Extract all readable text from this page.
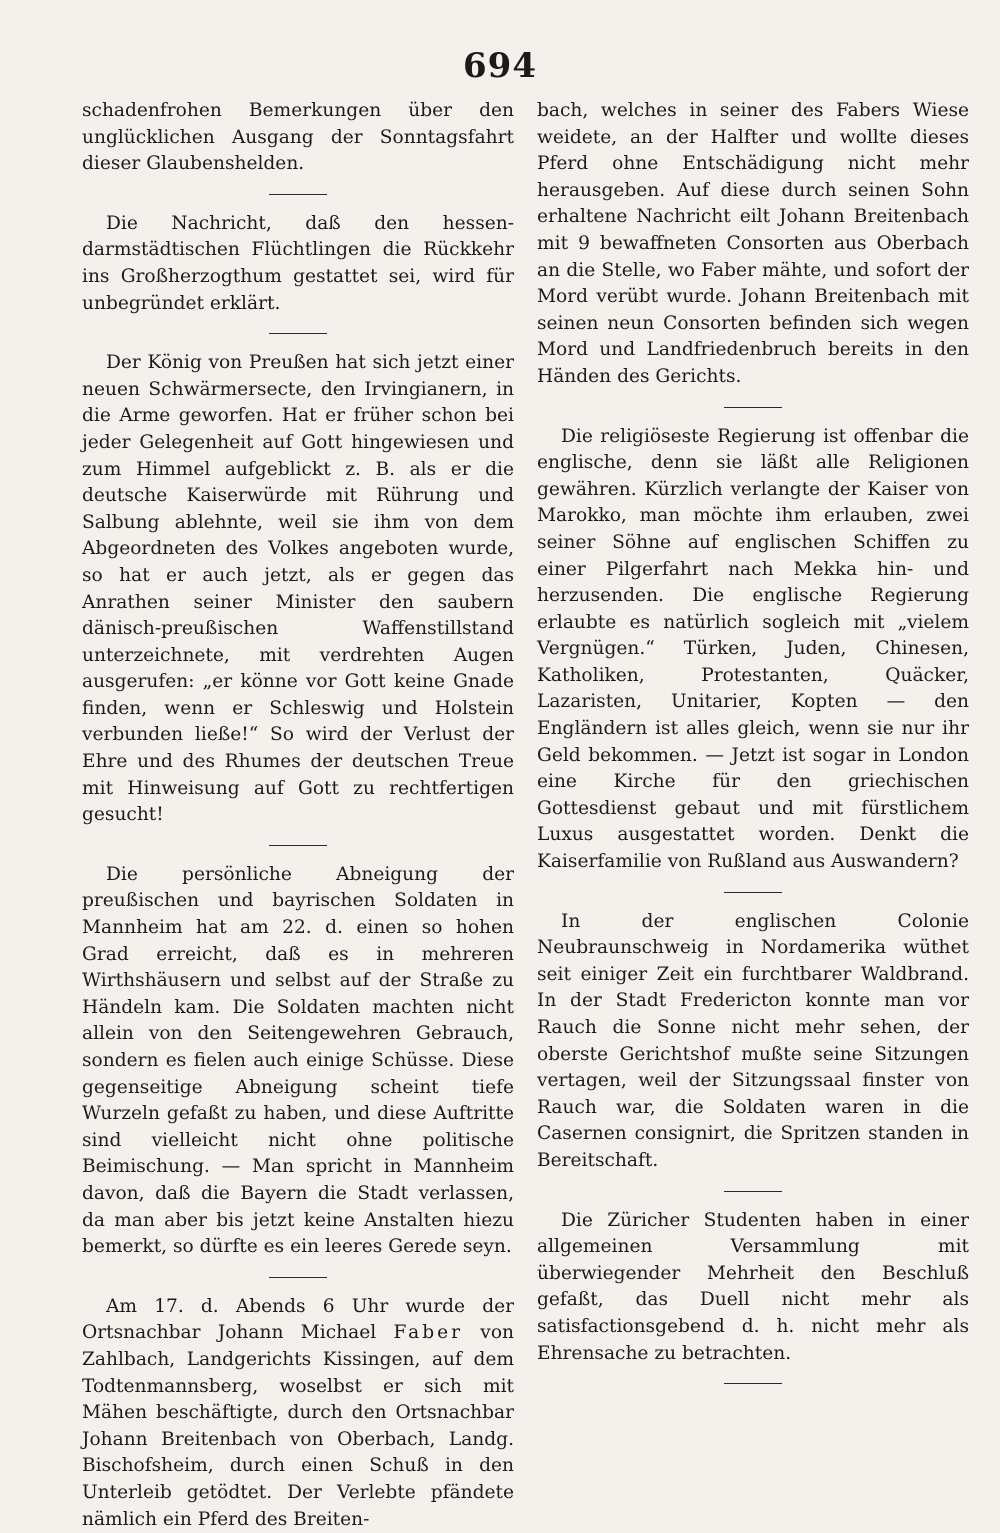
694

schadenfrohen Bemerkungen über den unglücklichen Ausgang der Sonntagsfahrt dieser Glaubenshelden.

Die Nachricht, daß den hessen-darmstädtischen Flüchtlingen die Rückkehr ins Großherzogthum gestattet sei, wird für unbegründet erklärt.

Der König von Preußen hat sich jetzt einer neuen Schwärmersecte, den Irvingianern, in die Arme geworfen. Hat er früher schon bei jeder Gelegenheit auf Gott hingewiesen und zum Himmel aufgeblickt z. B. als er die deutsche Kaiserwürde mit Rührung und Salbung ablehnte, weil sie ihm von dem Abgeordneten des Volkes angeboten wurde, so hat er auch jetzt, als er gegen das Anrathen seiner Minister den saubern dänisch-preußischen Waffenstillstand unterzeichnete, mit verdrehten Augen ausgerufen: „er könne vor Gott keine Gnade finden, wenn er Schleswig und Holstein verbunden ließe!“ So wird der Verlust der Ehre und des Rhumes der deutschen Treue mit Hinweisung auf Gott zu rechtfertigen gesucht!

Die persönliche Abneigung der preußischen und bayrischen Soldaten in Mannheim hat am 22. d. einen so hohen Grad erreicht, daß es in mehreren Wirthshäusern und selbst auf der Straße zu Händeln kam. Die Soldaten machten nicht allein von den Seitengewehren Gebrauch, sondern es fielen auch einige Schüsse. Diese gegenseitige Abneigung scheint tiefe Wurzeln gefaßt zu haben, und diese Auftritte sind vielleicht nicht ohne politische Beimischung. — Man spricht in Mannheim davon, daß die Bayern die Stadt verlassen, da man aber bis jetzt keine Anstalten hiezu bemerkt, so dürfte es ein leeres Gerede seyn.

Am 17. d. Abends 6 Uhr wurde der Ortsnachbar Johann Michael Faber von Zahlbach, Landgerichts Kissingen, auf dem Todtenmannsberg, woselbst er sich mit Mähen beschäftigte, durch den Ortsnachbar Johann Breitenbach von Oberbach, Landg. Bischofsheim, durch einen Schuß in den Unterleib getödtet. Der Verlebte pfändete nämlich ein Pferd des Breiten-

bach, welches in seiner des Fabers Wiese weidete, an der Halfter und wollte dieses Pferd ohne Entschädigung nicht mehr herausgeben. Auf diese durch seinen Sohn erhaltene Nachricht eilt Johann Breitenbach mit 9 bewaffneten Consorten aus Oberbach an die Stelle, wo Faber mähte, und sofort der Mord verübt wurde. Johann Breitenbach mit seinen neun Consorten befinden sich wegen Mord und Landfriedenbruch bereits in den Händen des Gerichts.

Die religiöseste Regierung ist offenbar die englische, denn sie läßt alle Religionen gewähren. Kürzlich verlangte der Kaiser von Marokko, man möchte ihm erlauben, zwei seiner Söhne auf englischen Schiffen zu einer Pilgerfahrt nach Mekka hin- und herzusenden. Die englische Regierung erlaubte es natürlich sogleich mit „vielem Vergnügen.“ Türken, Juden, Chinesen, Katholiken, Protestanten, Quäcker, Lazaristen, Unitarier, Kopten — den Engländern ist alles gleich, wenn sie nur ihr Geld bekommen. — Jetzt ist sogar in London eine Kirche für den griechischen Gottesdienst gebaut und mit fürstlichem Luxus ausgestattet worden. Denkt die Kaiserfamilie von Rußland aus Auswandern?

In der englischen Colonie Neubraunschweig in Nordamerika wüthet seit einiger Zeit ein furchtbarer Waldbrand. In der Stadt Fredericton konnte man vor Rauch die Sonne nicht mehr sehen, der oberste Gerichtshof mußte seine Sitzungen vertagen, weil der Sitzungssaal finster von Rauch war, die Soldaten waren in die Casernen consignirt, die Spritzen standen in Bereitschaft.

Die Züricher Studenten haben in einer allgemeinen Versammlung mit überwiegender Mehrheit den Beschluß gefaßt, das Duell nicht mehr als satisfactionsgebend d. h. nicht mehr als Ehrensache zu betrachten.
